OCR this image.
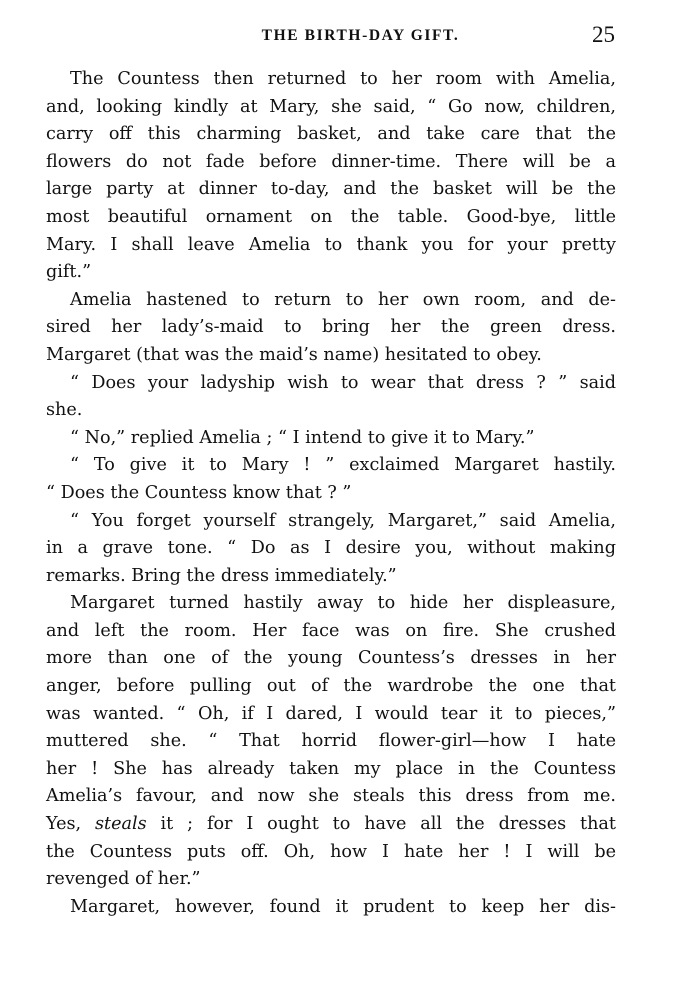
THE BIRTH-DAY GIFT.	25
The Countess then returned to her room with Amelia,
and, looking kindly at Mary, she said, “ Go now, children,
carry off this charming basket, and take care that the
flowers do not fade before dinner-time. There will be a
large party at dinner to-day, and the basket will be the
most beautiful ornament on the table. Good-bye, little
Mary. I shall leave Amelia to thank you for your pretty
gift.”
Amelia hastened to return to her own room, and de-
sired her lady’s-maid to bring her the green dress.
Margaret (that was the maid’s name) hesitated to obey.
“ Does your ladyship wish to wear that dress ? ” said
she.
“ No,” replied Amelia ; “ I intend to give it to Mary.”
“ To give it to Mary ! ” exclaimed Margaret hastily.
“ Does the Countess know that ? ”
“ You forget yourself strangely, Margaret,” said Amelia,
in a grave tone. “ Do as I desire you, without making
remarks. Bring the dress immediately.”
Margaret turned hastily away to hide her displeasure,
and left the room. Her face was on fire. She crushed
more than one of the young Countess’s dresses in her
anger, before pulling out of the wardrobe the one that
was wanted. “ Oh, if I dared, I would tear it to pieces,”
muttered she. “ That horrid flower-girl—how I hate
her ! She has already taken my place in the Countess
Amelia’s favour, and now she steals this dress from me.
Yes, steals it ; for I ought to have all the dresses that
the Countess puts off. Oh, how I hate her ! I will be
revenged of her.”
Margaret, however, found it prudent to keep her dis-
